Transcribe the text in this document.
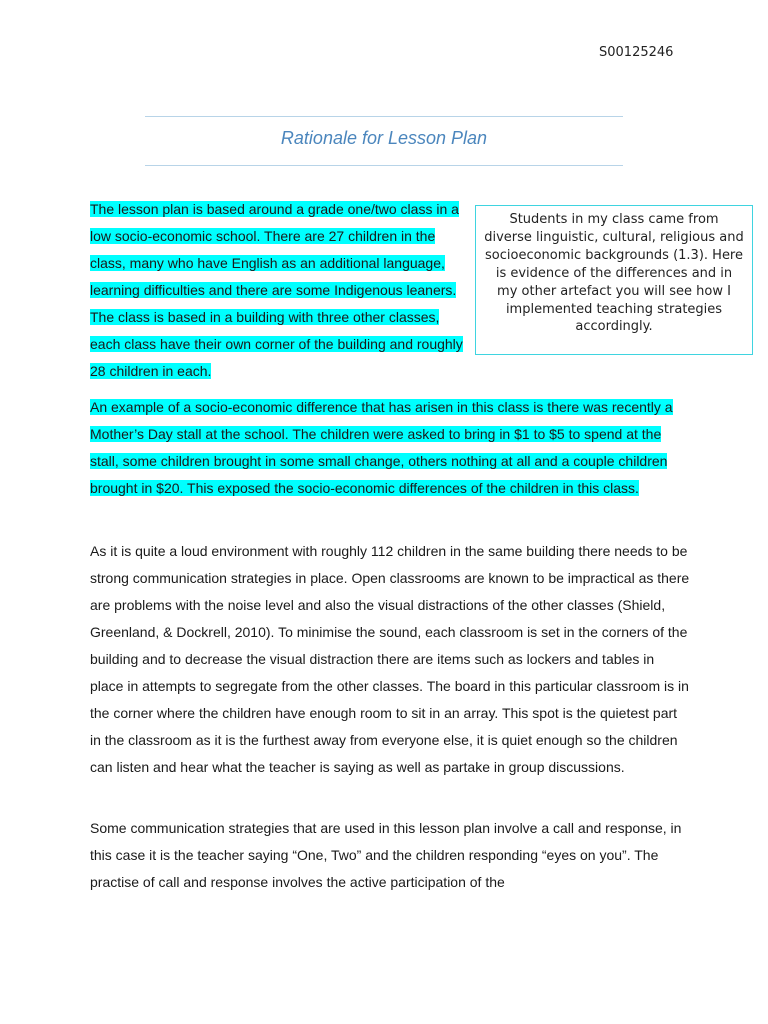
S00125246
Rationale for Lesson Plan

The lesson plan is based around a grade one/two class in a low socio-economic school. There are 27 children in the class, many who have English as an additional language, learning difficulties and there are some Indigenous leaners. The class is based in a building with three other classes, each class have their own corner of the building and roughly 28 children in each.

Students in my class came from diverse linguistic, cultural, religious and socioeconomic backgrounds (1.3). Here is evidence of the differences and in my other artefact you will see how I implemented teaching strategies accordingly.

An example of a socio-economic difference that has arisen in this class is there was recently a Mother’s Day stall at the school. The children were asked to bring in $1 to $5 to spend at the stall, some children brought in some small change, others nothing at all and a couple children brought in $20. This exposed the socio-economic differences of the children in this class.

As it is quite a loud environment with roughly 112 children in the same building there needs to be strong communication strategies in place. Open classrooms are known to be impractical as there are problems with the noise level and also the visual distractions of the other classes (Shield, Greenland, & Dockrell, 2010). To minimise the sound, each classroom is set in the corners of the building and to decrease the visual distraction there are items such as lockers and tables in place in attempts to segregate from the other classes. The board in this particular classroom is in the corner where the children have enough room to sit in an array. This spot is the quietest part in the classroom as it is the furthest away from everyone else, it is quiet enough so the children can listen and hear what the teacher is saying as well as partake in group discussions.

Some communication strategies that are used in this lesson plan involve a call and response, in this case it is the teacher saying “One, Two” and the children responding “eyes on you”. The practise of call and response involves the active participation of the
